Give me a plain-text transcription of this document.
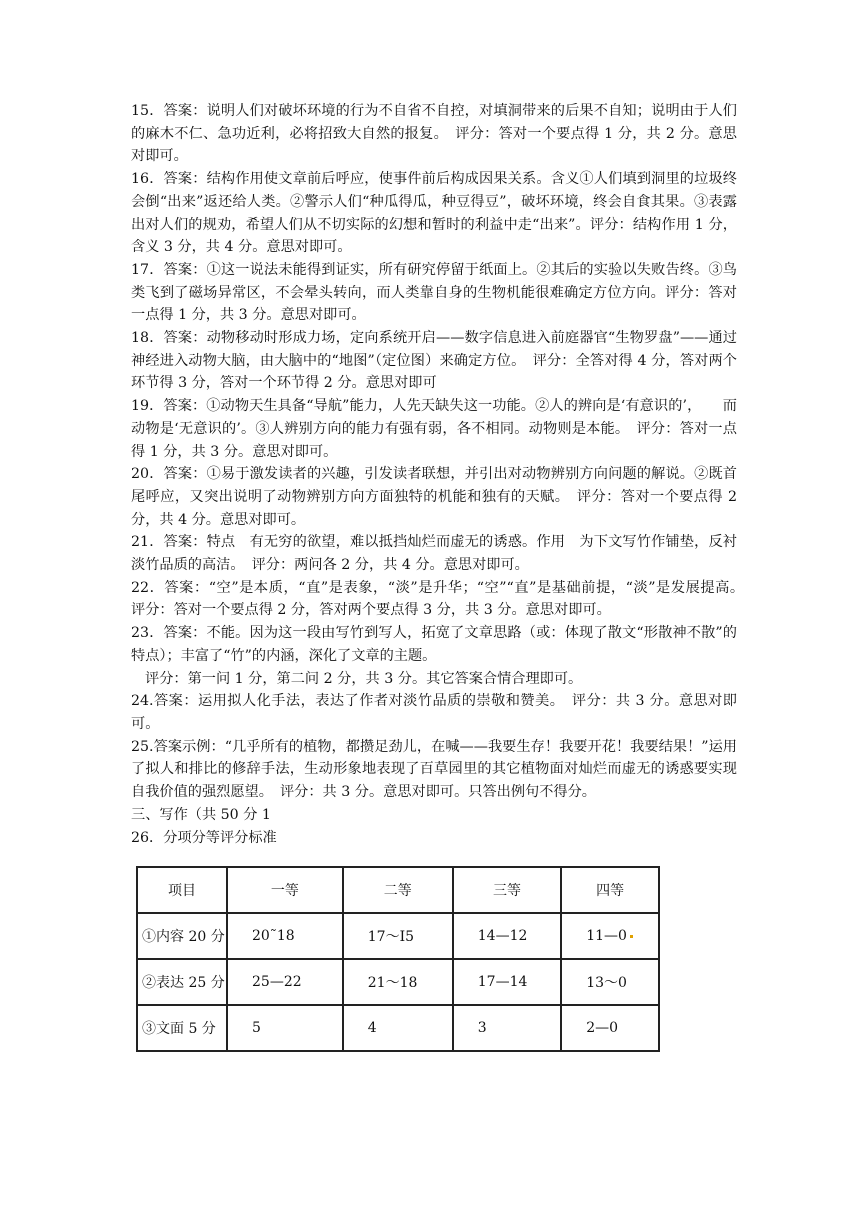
15．答案：说明人们对破坏环境的行为不自省不自控，对填洞带来的后果不自知；说明由于人们的麻木不仁、急功近利，必将招致大自然的报复。　评分：答对一个要点得 1 分，共 2 分。意思对即可。

16．答案：结构作用使文章前后呼应，使事件前后构成因果关系。含义①人们填到洞里的垃圾终会倒“出来”返还给人类。②警示人们“种瓜得瓜，种豆得豆”，破坏环境，终会自食其果。③表露出对人们的规劝，希望人们从不切实际的幻想和暂时的利益中走“出来”。评分：结构作用 1 分，含义 3 分，共 4 分。意思对即可。

17．答案：①这一说法未能得到证实，所有研究停留于纸面上。②其后的实验以失败告终。③鸟类飞到了磁场异常区，不会晕头转向，而人类靠自身的生物机能很难确定方位方向。评分：答对一点得 1 分，共 3 分。意思对即可。

18．答案：动物移动时形成力场，定向系统开启——数字信息进入前庭器官“生物罗盘”——通过神经进入动物大脑，由大脑中的“地图”（定位图）来确定方位。　评分：全答对得 4 分，答对两个环节得 3 分，答对一个环节得 2 分。意思对即可

19．答案：①动物天生具备“导航”能力，人先天缺失这一功能。②人的辨向是‘有意识的’，　　而动物是‘无意识的’。③人辨别方向的能力有强有弱，各不相同。动物则是本能。　评分：答对一点得 1 分，共 3 分。意思对即可。

20．答案：①易于激发读者的兴趣，引发读者联想，并引出对动物辨别方向问题的解说。②既首尾呼应，又突出说明了动物辨别方向方面独特的机能和独有的天赋。　评分：答对一个要点得 2 分，共 4 分。意思对即可。

21．答案：特点　有无穷的欲望，难以抵挡灿烂而虚无的诱惑。作用　为下文写竹作铺垫，反衬淡竹品质的高洁。　评分：两问各 2 分，共 4 分。意思对即可。

22．答案：“空”是本质，“直”是表象，“淡”是升华；“空”“直”是基础前提，“淡”是发展提高。　评分：答对一个要点得 2 分，答对两个要点得 3 分，共 3 分。意思对即可。

23．答案：不能。因为这一段由写竹到写人，拓宽了文章思路（或：体现了散文“形散神不散”的特点）；丰富了“竹”的内涵，深化了文章的主题。

评分：第一问 1 分，第二问 2 分，共 3 分。其它答案合情合理即可。

24.答案：运用拟人化手法，表达了作者对淡竹品质的崇敬和赞美。　评分：共 3 分。意思对即可。

25.答案示例：“几乎所有的植物，都攒足劲儿，在喊——我要生存！我要开花！我要结果！”运用了拟人和排比的修辞手法，生动形象地表现了百草园里的其它植物面对灿烂而虚无的诱惑要实现自我价值的强烈愿望。　评分：共 3 分。意思对即可。只答出例句不得分。

三、写作（共 50 分 1

26．分项分等评分标准

项目	一等	二等	三等	四等
①内容 20 分	20˜18	17～I5	14—12	11—0
②表达 25 分	25—22	21～18	17—14	13～0
③文面 5 分	5	4	3	2—0
